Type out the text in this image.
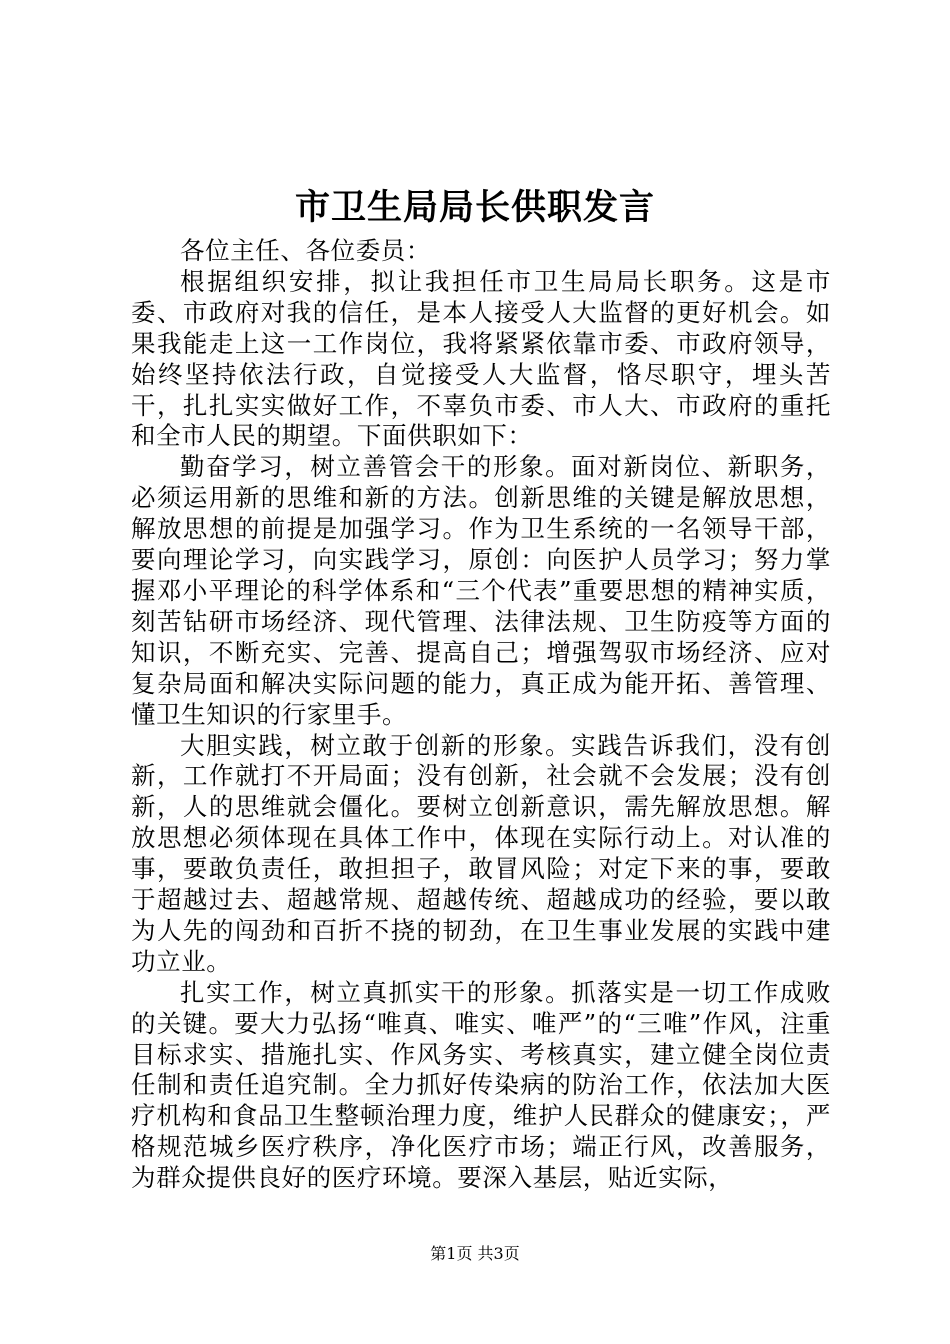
市卫生局局长供职发言

各位主任、各位委员：

根据组织安排，拟让我担任市卫生局局长职务。这是市委、市政府对我的信任，是本人接受人大监督的更好机会。如果我能走上这一工作岗位，我将紧紧依靠市委、市政府领导，始终坚持依法行政，自觉接受人大监督，恪尽职守，埋头苦干，扎扎实实做好工作，不辜负市委、市人大、市政府的重托和全市人民的期望。下面供职如下：

勤奋学习，树立善管会干的形象。面对新岗位、新职务，必须运用新的思维和新的方法。创新思维的关键是解放思想，解放思想的前提是加强学习。作为卫生系统的一名领导干部，要向理论学习，向实践学习，原创：向医护人员学习；努力掌握邓小平理论的科学体系和“三个代表”重要思想的精神实质，刻苦钻研市场经济、现代管理、法律法规、卫生防疫等方面的知识，不断充实、完善、提高自己；增强驾驭市场经济、应对复杂局面和解决实际问题的能力，真正成为能开拓、善管理、懂卫生知识的行家里手。

大胆实践，树立敢于创新的形象。实践告诉我们，没有创新，工作就打不开局面；没有创新，社会就不会发展；没有创新，人的思维就会僵化。要树立创新意识，需先解放思想。解放思想必须体现在具体工作中，体现在实际行动上。对认准的事，要敢负责任，敢担担子，敢冒风险；对定下来的事，要敢于超越过去、超越常规、超越传统、超越成功的经验，要以敢为人先的闯劲和百折不挠的韧劲，在卫生事业发展的实践中建功立业。

扎实工作，树立真抓实干的形象。抓落实是一切工作成败的关键。要大力弘扬“唯真、唯实、唯严”的“三唯”作风，注重目标求实、措施扎实、作风务实、考核真实，建立健全岗位责任制和责任追究制。全力抓好传染病的防治工作，依法加大医疗机构和食品卫生整顿治理力度，维护人民群众的健康安；，严格规范城乡医疗秩序，净化医疗市场；端正行风，改善服务，为群众提供良好的医疗环境。要深入基层，贴近实际，

第1页 共3页
